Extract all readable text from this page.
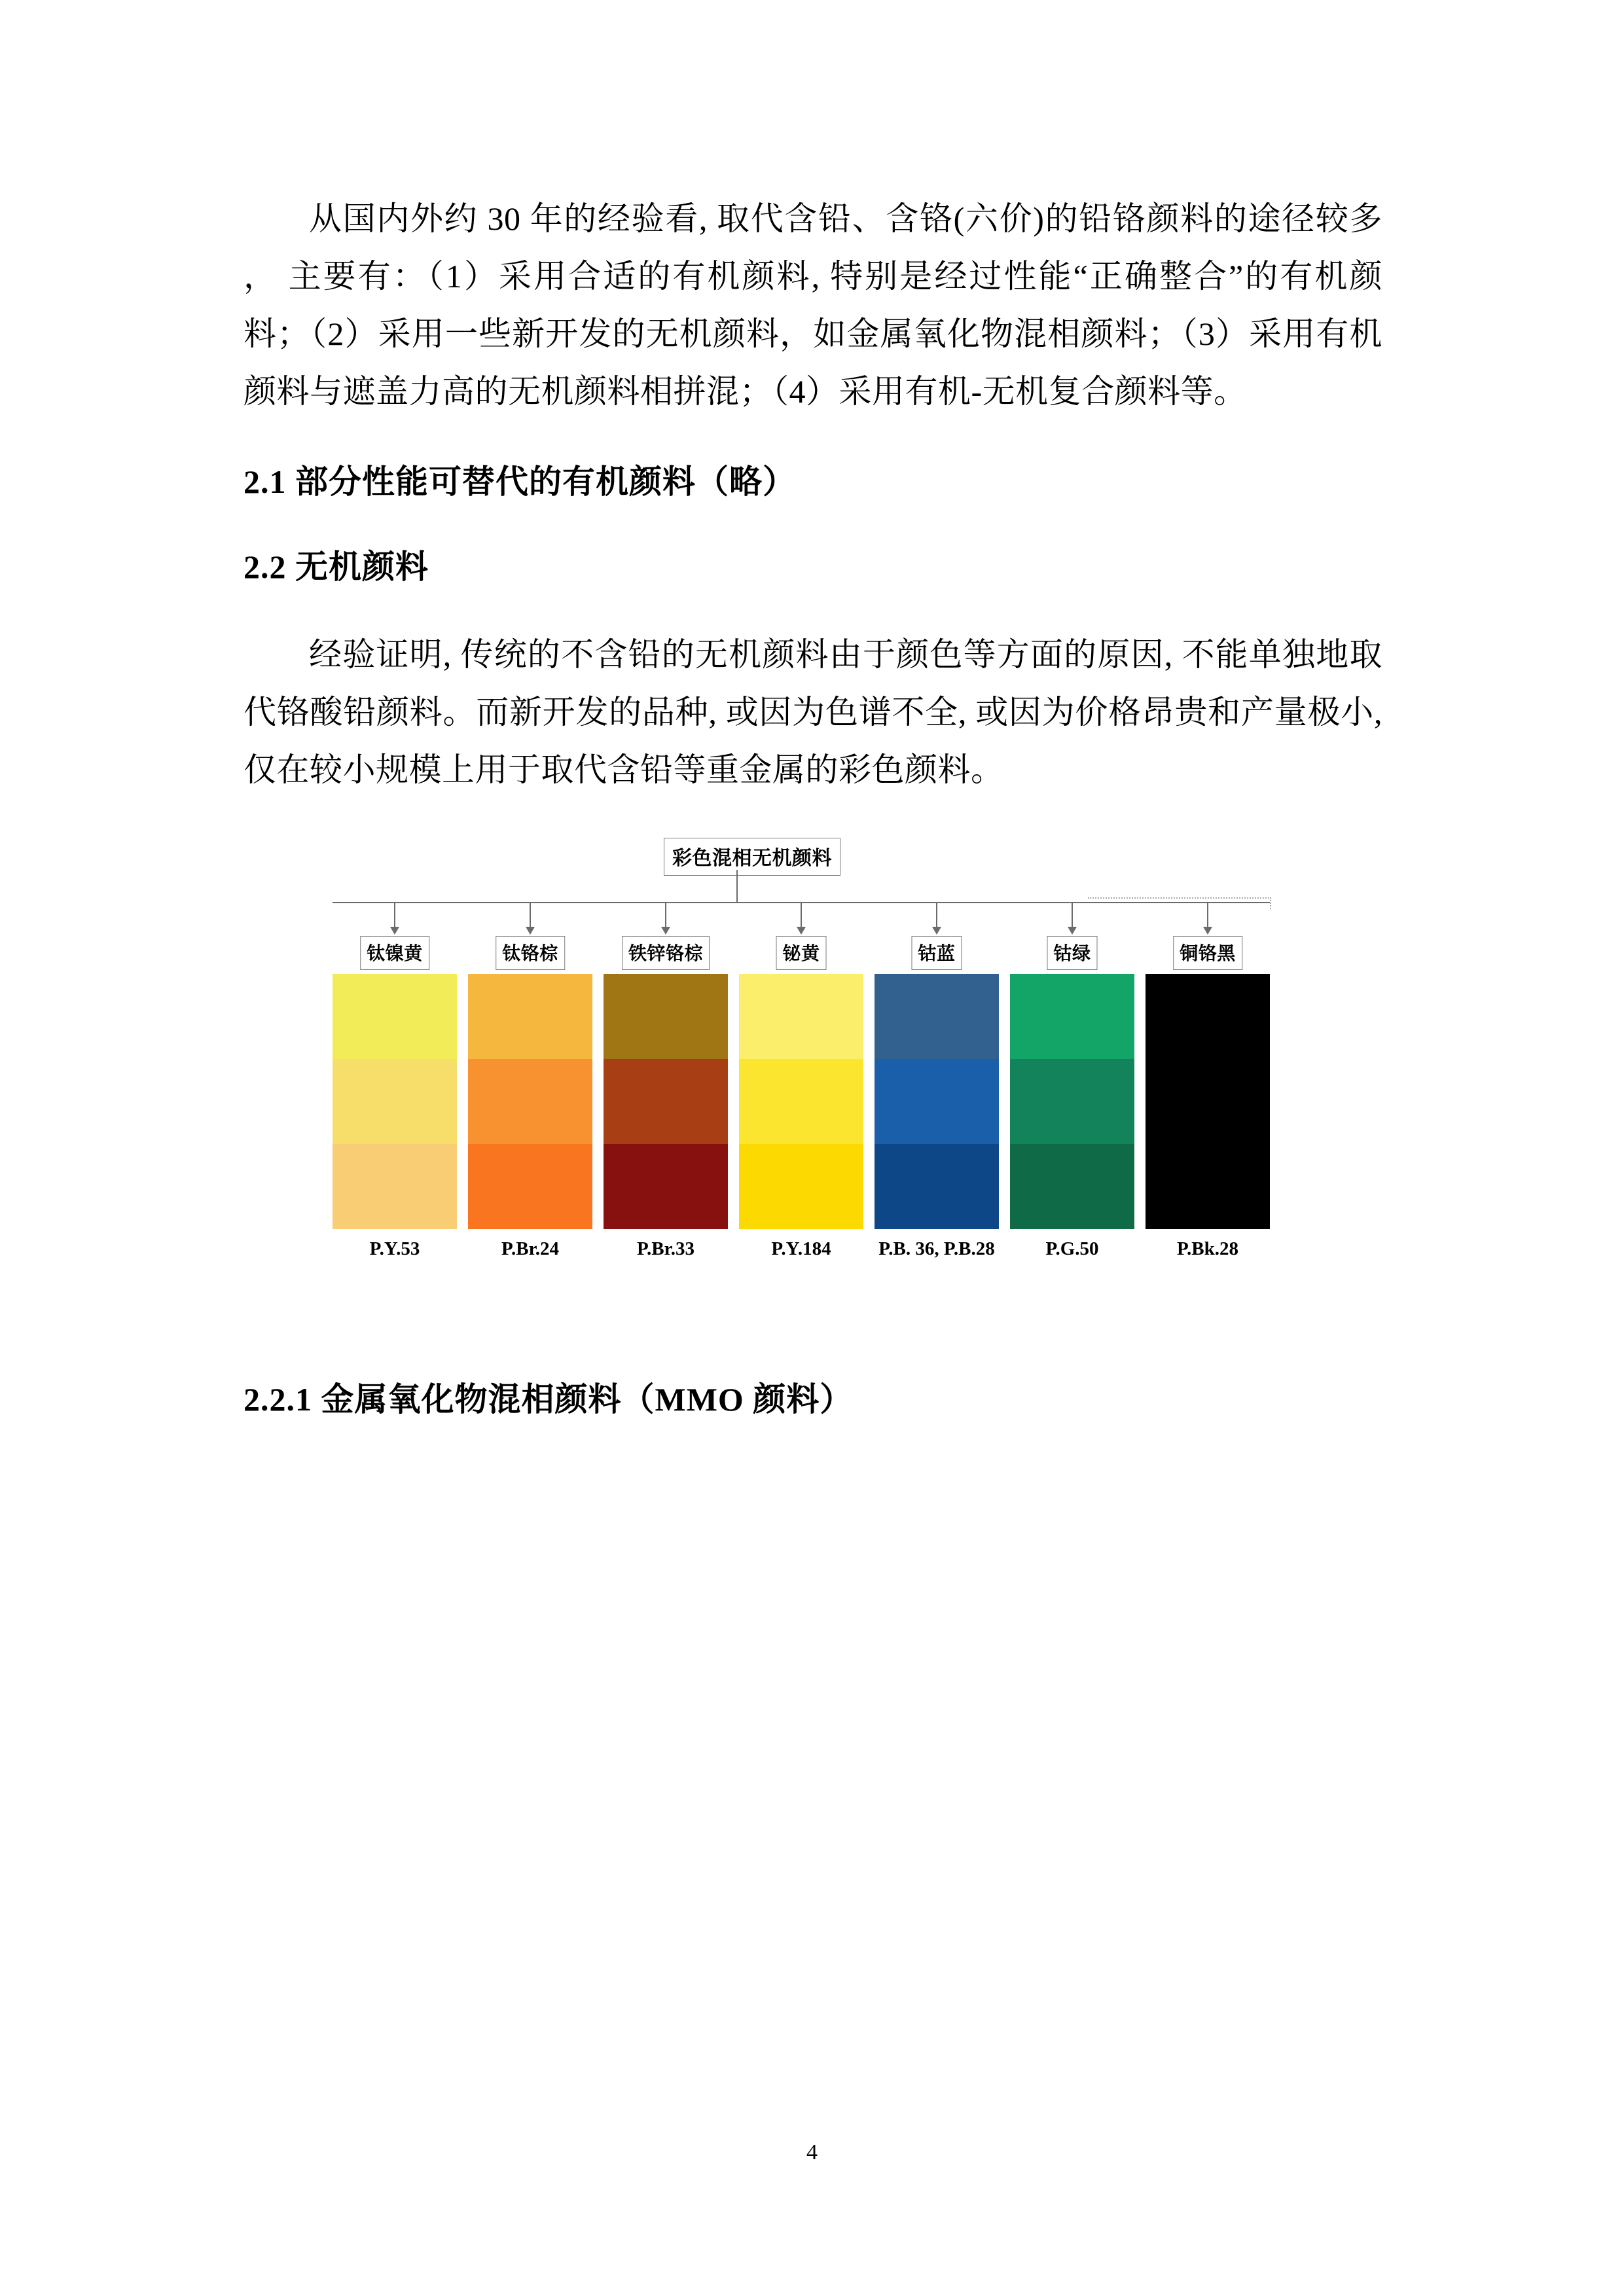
从国内外约 30 年的经验看, 取代含铅、含铬(六价)的铅铬颜料的途径较多 ， 主要有：（1）采用合适的有机颜料, 特别是经过性能“正确整合”的有机颜料；（2）采用一些新开发的无机颜料，如金属氧化物混相颜料；（3）采用有机颜料与遮盖力高的无机颜料相拼混；（4）采用有机-无机复合颜料等。

2.1 部分性能可替代的有机颜料（略）
2.2 无机颜料

经验证明, 传统的不含铅的无机颜料由于颜色等方面的原因, 不能单独地取代铬酸铅颜料。而新开发的品种, 或因为色谱不全, 或因为价格昂贵和产量极小, 仅在较小规模上用于取代含铅等重金属的彩色颜料。

彩色混相无机颜料
钛镍黄
P.Y.53
钛铬棕
P.Br.24
铁锌铬棕
P.Br.33
铋黄
P.Y.184
钴蓝
P.B. 36, P.B.28
钴绿
P.G.50
铜铬黑
P.Bk.28
2.2.1 金属氧化物混相颜料（MMO 颜料）
4
